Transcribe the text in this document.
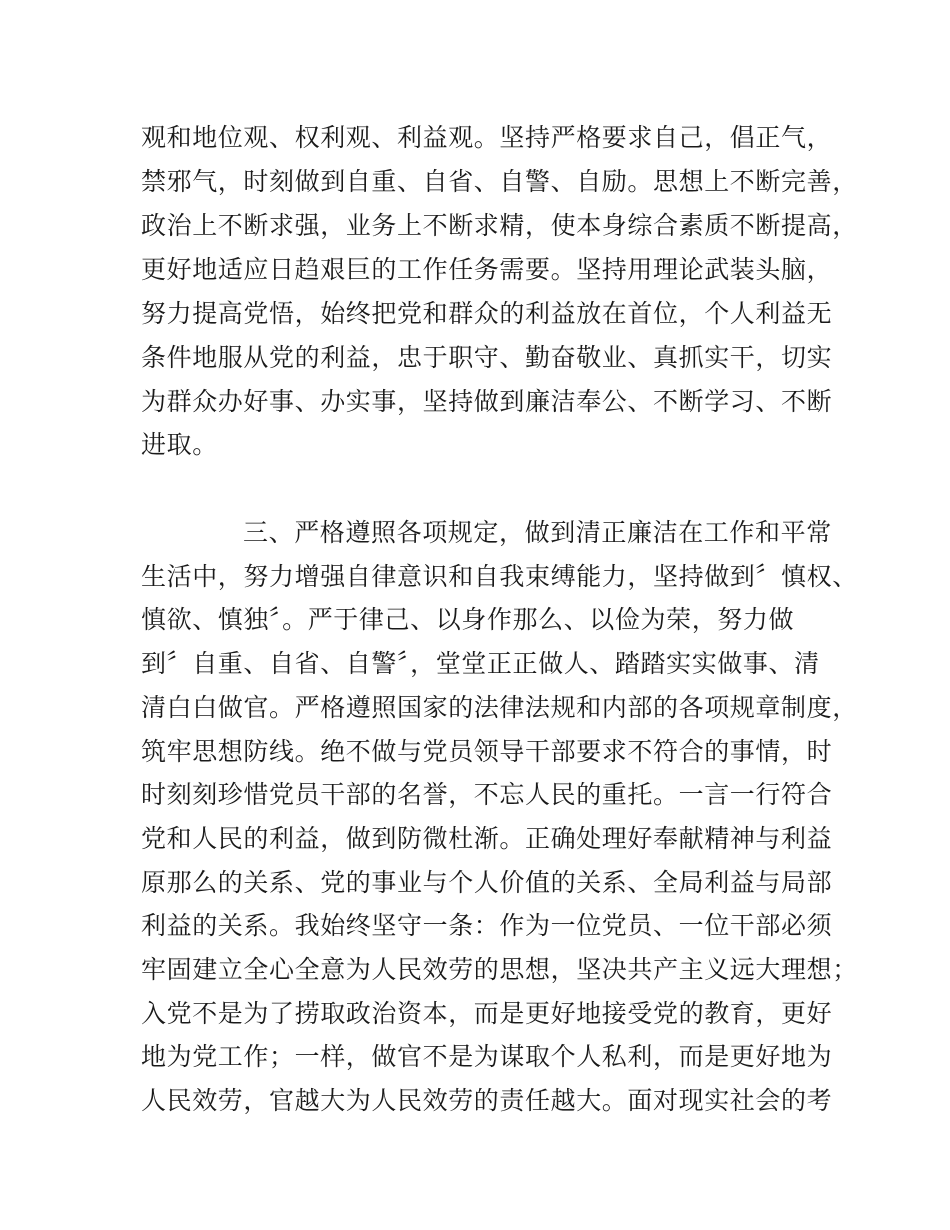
观和地位观、权利观、利益观。坚持严格要求自己，倡正气，
禁邪气，时刻做到自重、自省、自警、自励。思想上不断完善，
政治上不断求强，业务上不断求精，使本身综合素质不断提高，
更好地适应日趋艰巨的工作任务需要。坚持用理论武装头脑，
努力提高党悟，始终把党和群众的利益放在首位，个人利益无
条件地服从党的利益，忠于职守、勤奋敬业、真抓实干，切实
为群众办好事、办实事，坚持做到廉洁奉公、不断学习、不断
进取。
三、严格遵照各项规定，做到清正廉洁在工作和平常
生活中，努力增强自律意识和自我束缚能力，坚持做到〞慎权、
慎欲、慎独〞。严于律己、以身作那么、以俭为荣，努力做
到〞自重、自省、自警〞，堂堂正正做人、踏踏实实做事、清
清白白做官。严格遵照国家的法律法规和内部的各项规章制度，
筑牢思想防线。绝不做与党员领导干部要求不符合的事情，时
时刻刻珍惜党员干部的名誉，不忘人民的重托。一言一行符合
党和人民的利益，做到防微杜渐。正确处理好奉献精神与利益
原那么的关系、党的事业与个人价值的关系、全局利益与局部
利益的关系。我始终坚守一条：作为一位党员、一位干部必须
牢固建立全心全意为人民效劳的思想，坚决共产主义远大理想；
入党不是为了捞取政治资本，而是更好地接受党的教育，更好
地为党工作；一样，做官不是为谋取个人私利，而是更好地为
人民效劳，官越大为人民效劳的责任越大。面对现实社会的考
